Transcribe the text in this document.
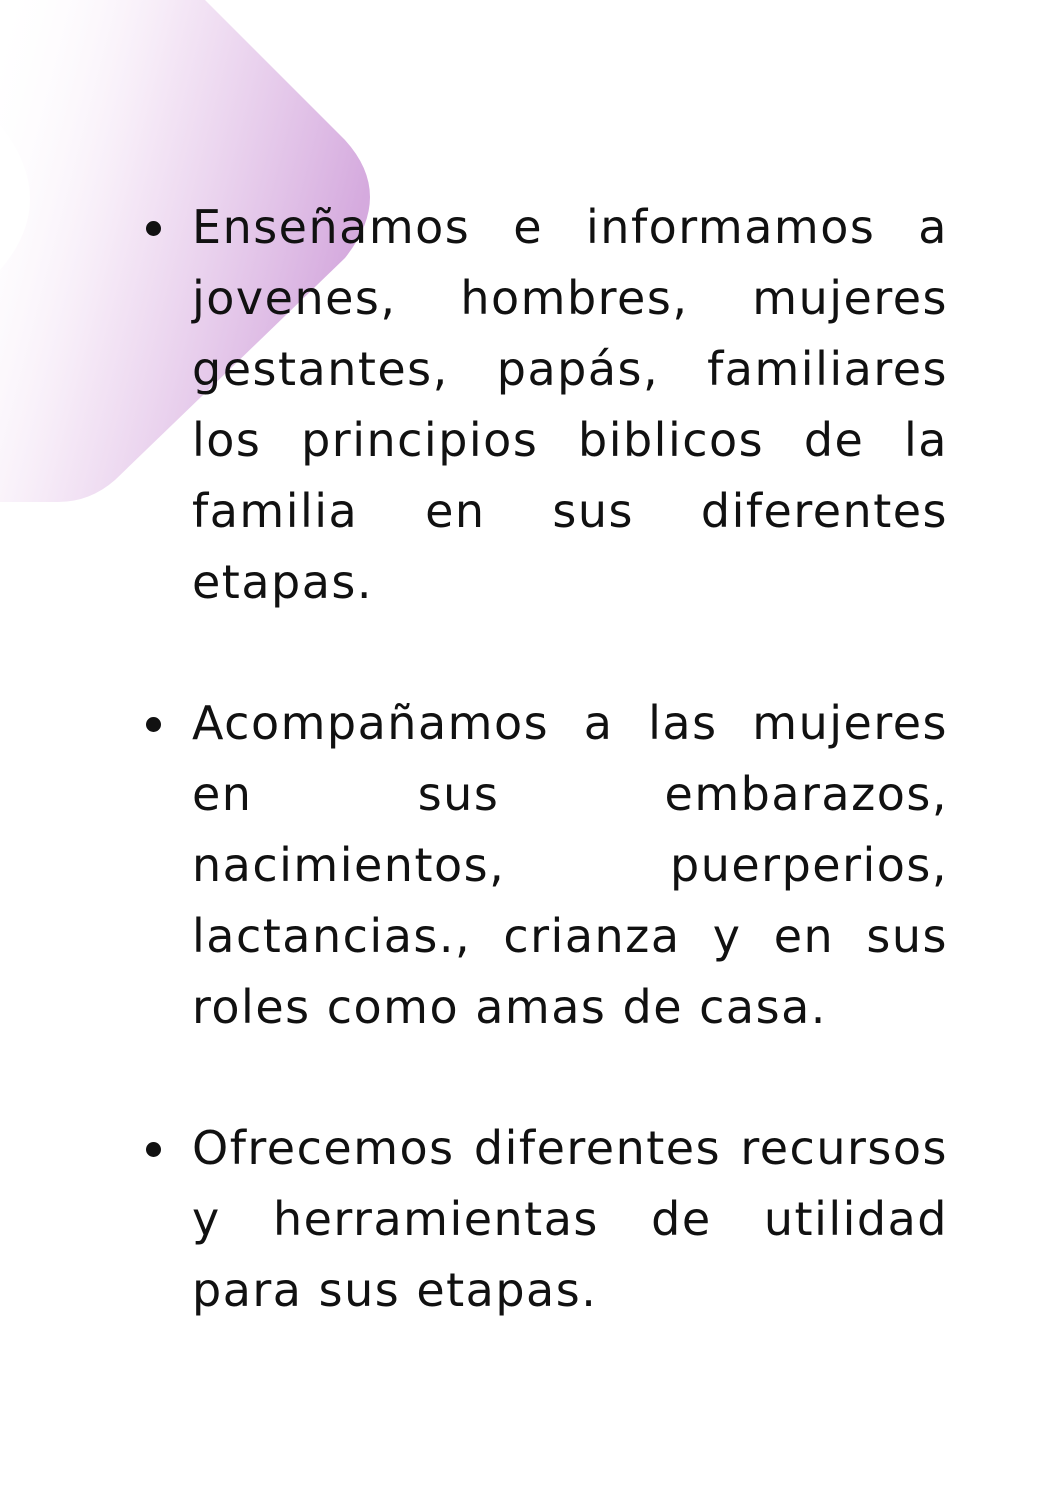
Enseñamos e informamos a jovenes, hombres, mujeres gestantes, papás, familiares los principios biblicos de la familia en sus diferentes etapas.
Acompañamos a las mujeres en sus embarazos, nacimientos, puerperios, lactancias., crianza y en sus roles como amas de casa.
Ofrecemos diferentes recursos y herramientas de utilidad para sus etapas.
